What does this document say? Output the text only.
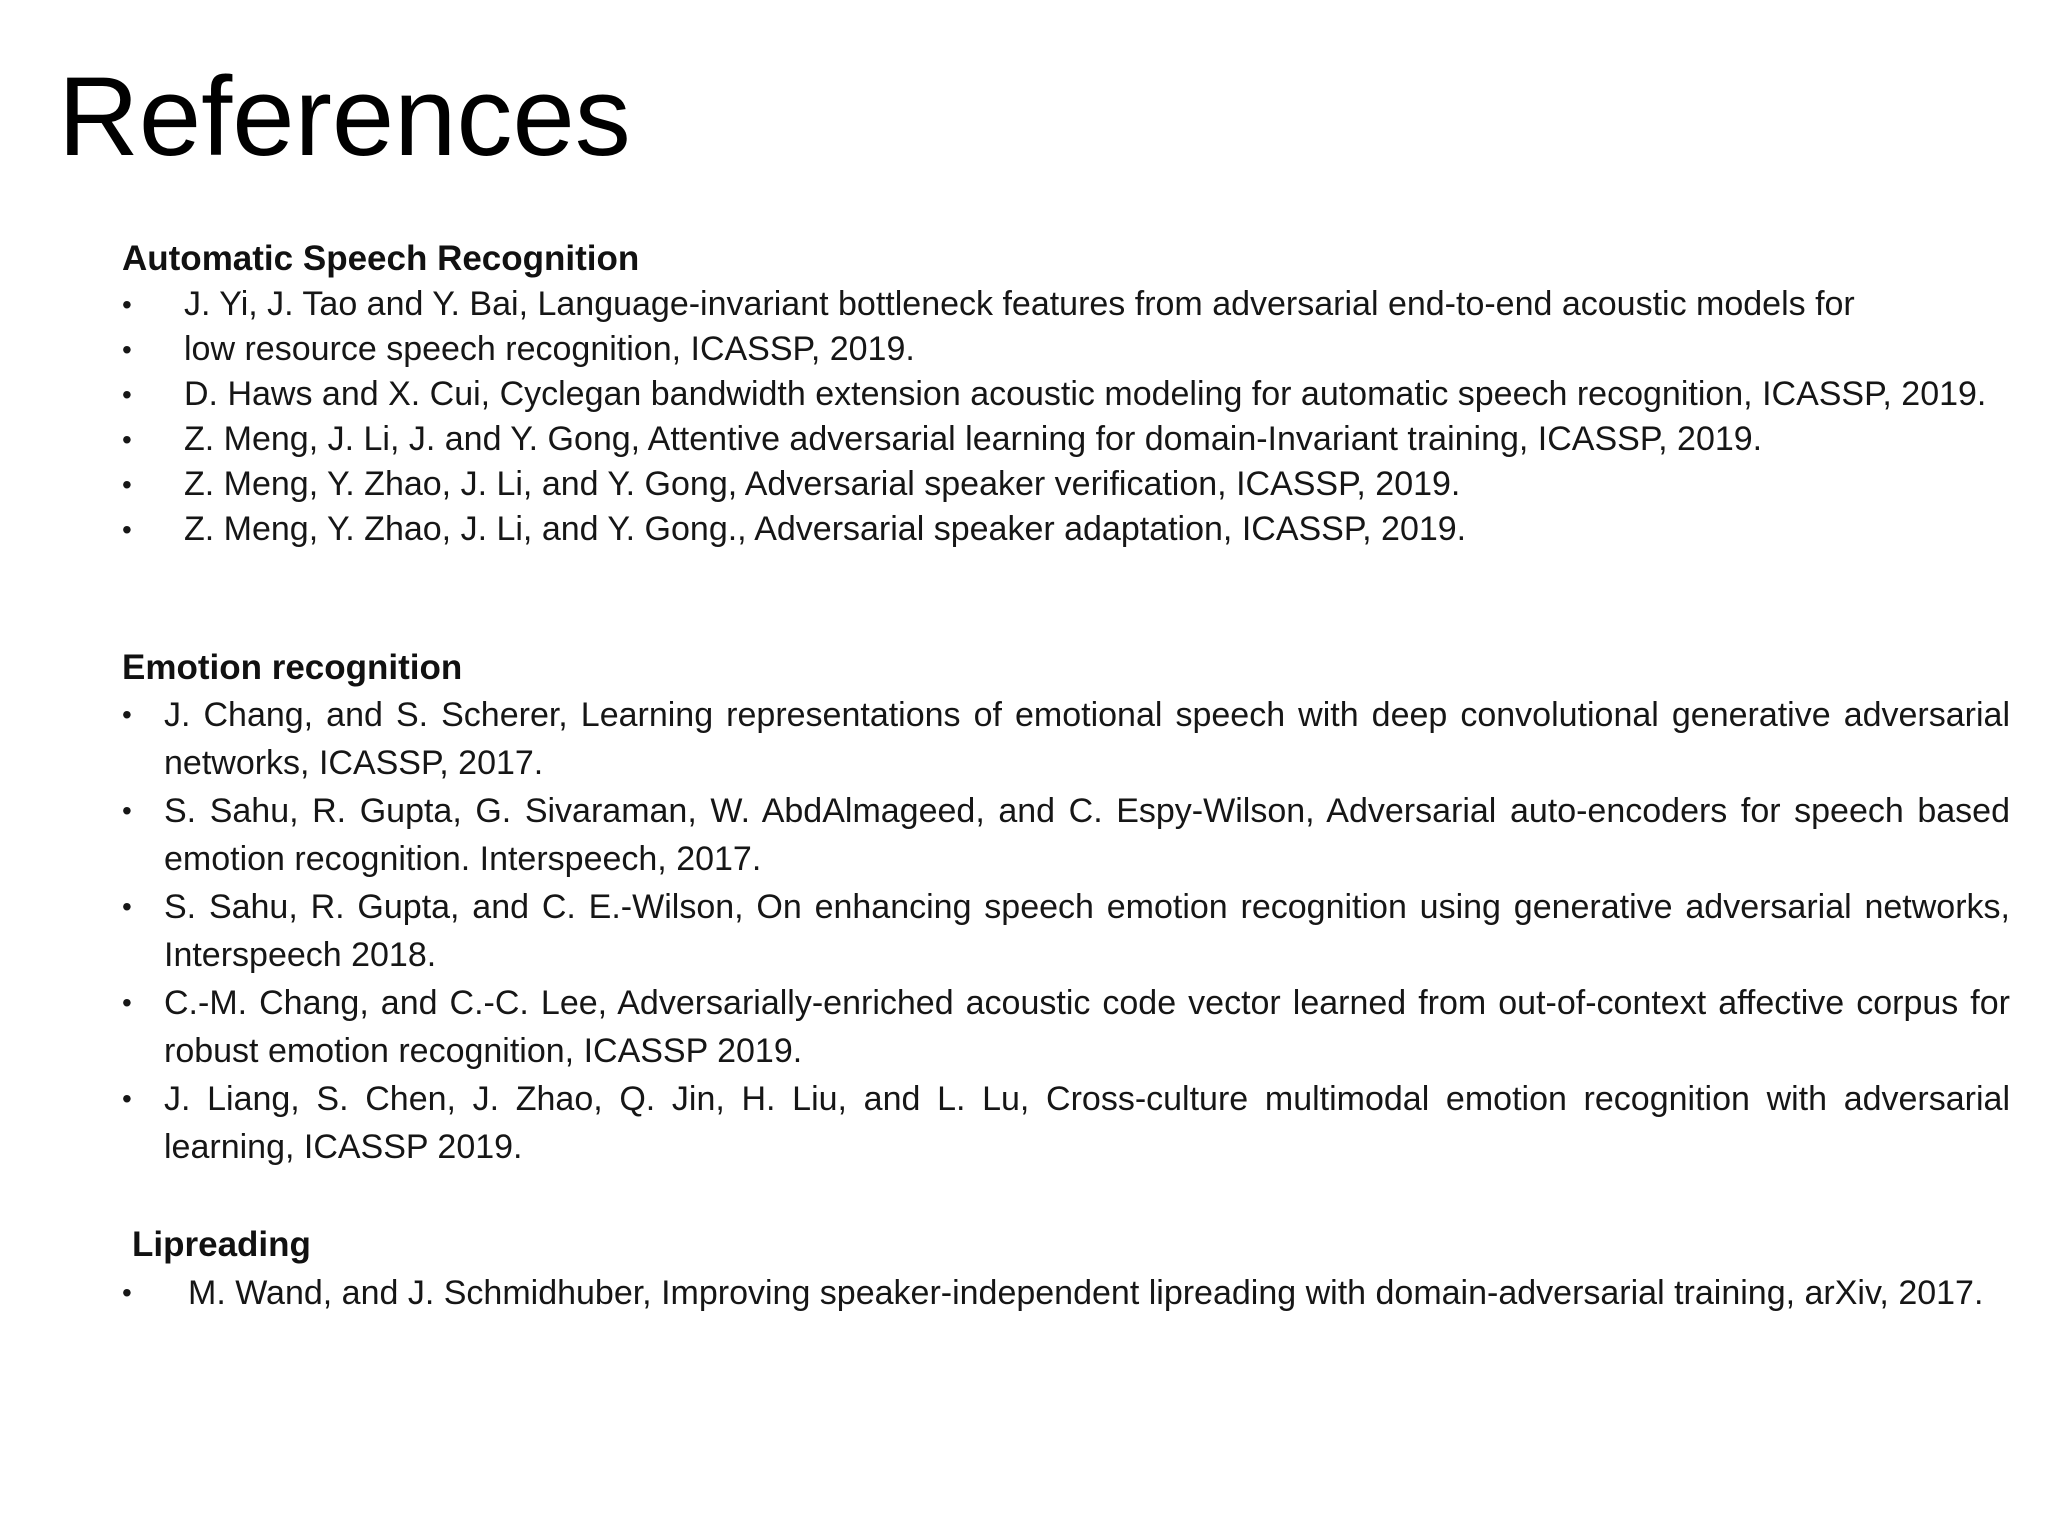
References
Automatic Speech Recognition
• J. Yi, J. Tao and Y. Bai, Language-invariant bottleneck features from adversarial end-to-end acoustic models for
• low resource speech recognition, ICASSP, 2019.
• D. Haws and X. Cui, Cyclegan bandwidth extension acoustic modeling for automatic speech recognition, ICASSP, 2019.
• Z. Meng, J. Li, J. and Y. Gong, Attentive adversarial learning for domain-Invariant training, ICASSP, 2019.
• Z. Meng, Y. Zhao, J. Li, and Y. Gong, Adversarial speaker verification, ICASSP, 2019.
• Z. Meng, Y. Zhao, J. Li, and Y. Gong., Adversarial speaker adaptation, ICASSP, 2019.
Emotion recognition
• J. Chang, and S. Scherer, Learning representations of emotional speech with deep convolutional generative adversarial networks, ICASSP, 2017.
• S. Sahu, R. Gupta, G. Sivaraman, W. AbdAlmageed, and C. Espy-Wilson, Adversarial auto-encoders for speech based emotion recognition. Interspeech, 2017.
• S. Sahu, R. Gupta, and C. E.-Wilson, On enhancing speech emotion recognition using generative adversarial networks, Interspeech 2018.
• C.-M. Chang, and C.-C. Lee, Adversarially-enriched acoustic code vector learned from out-of-context affective corpus for robust emotion recognition, ICASSP 2019.
• J. Liang, S. Chen, J. Zhao, Q. Jin, H. Liu, and L. Lu, Cross-culture multimodal emotion recognition with adversarial learning, ICASSP 2019.
Lipreading
• M. Wand, and J. Schmidhuber, Improving speaker-independent lipreading with domain-adversarial training, arXiv, 2017.
